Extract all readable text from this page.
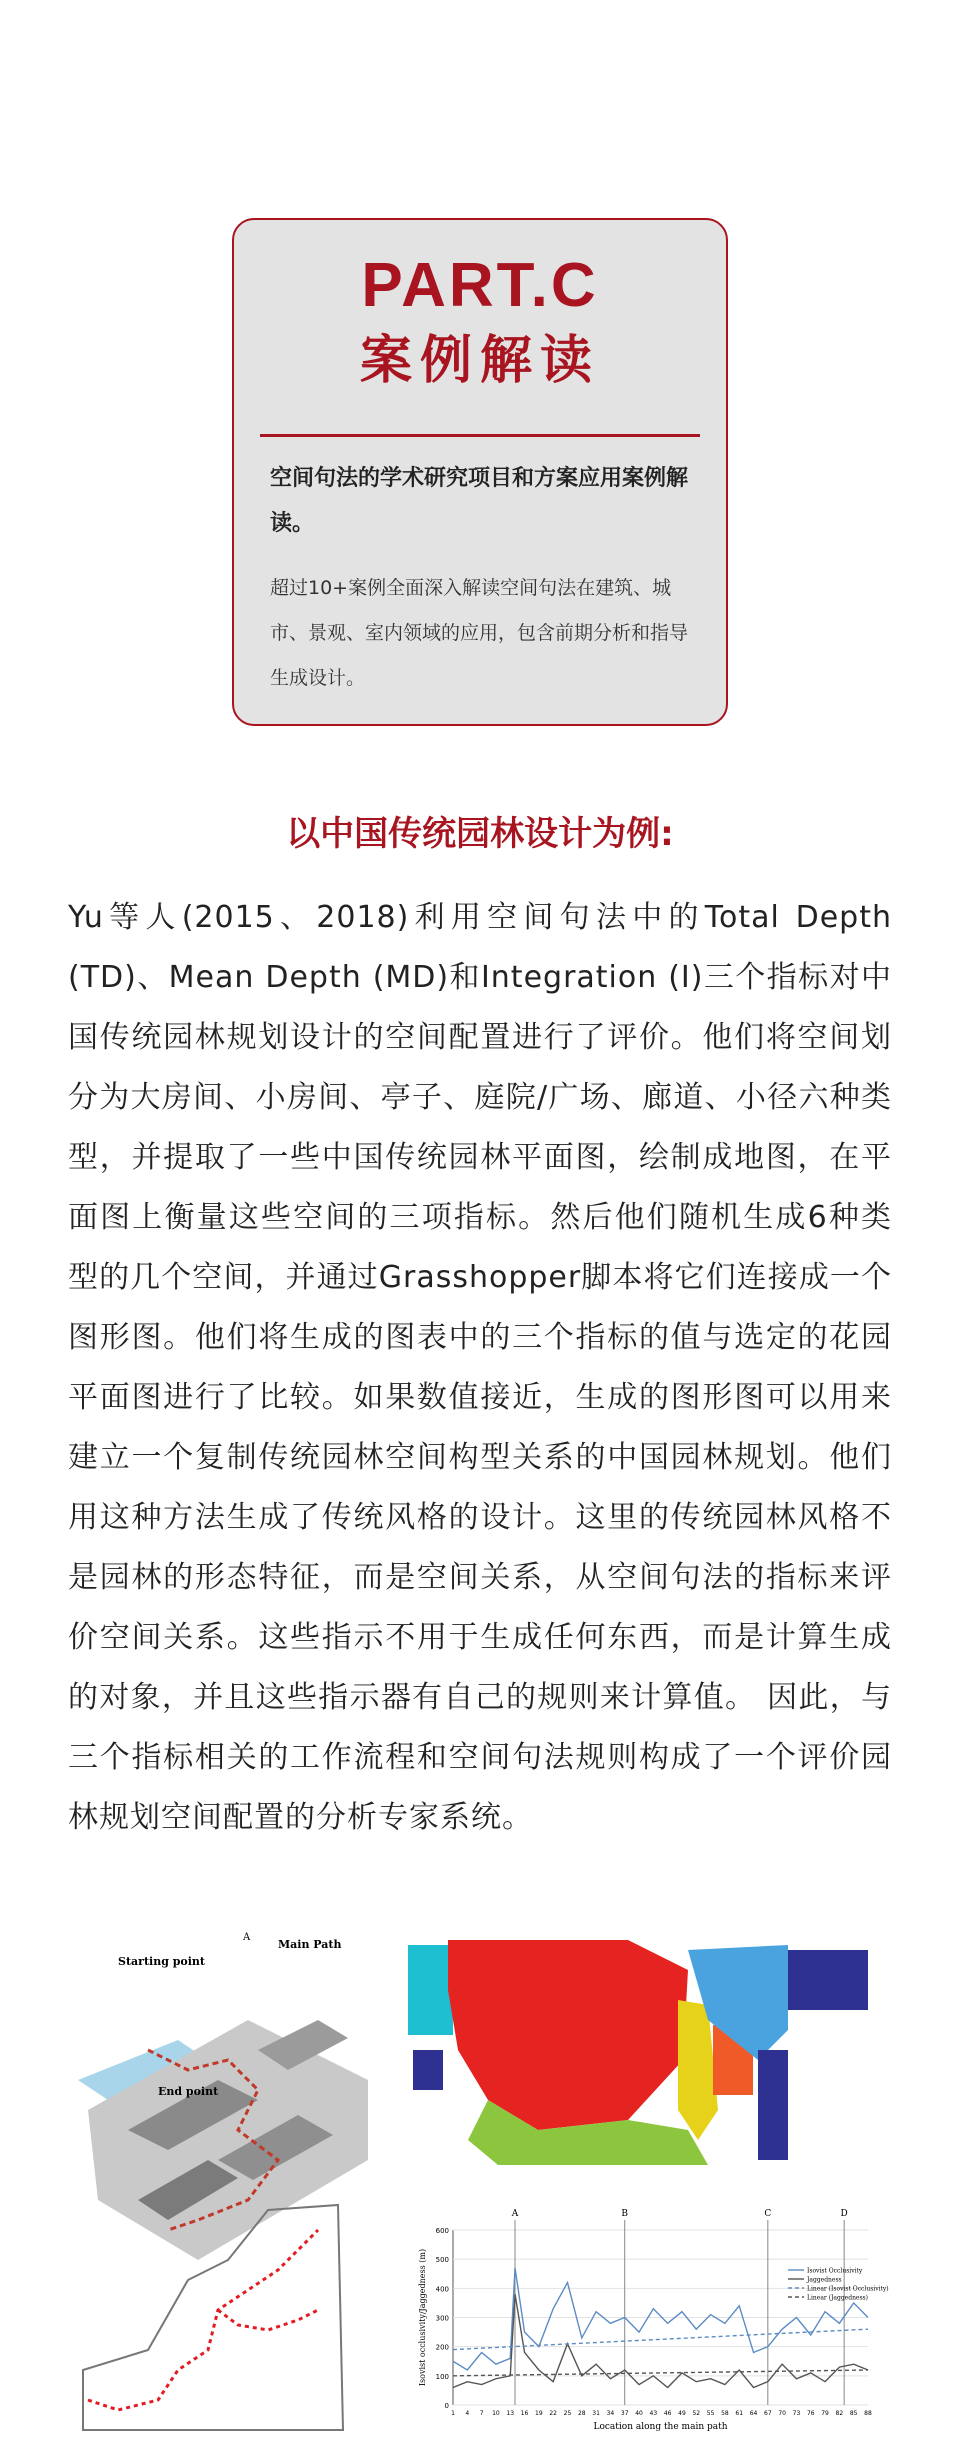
PART.C
案例解读
空间句法的学术研究项目和方案应用案例解读。
超过10+案例全面深入解读空间句法在建筑、城市、景观、室内领域的应用，包含前期分析和指导生成设计。
以中国传统园林设计为例:
Yu等人(2015、2018)利用空间句法中的Total Depth (TD)、Mean Depth (MD)和Integration (I)三个指标对中国传统园林规划设计的空间配置进行了评价。他们将空间划分为大房间、小房间、亭子、庭院/广场、廊道、小径六种类型，并提取了一些中国传统园林平面图，绘制成地图，在平面图上衡量这些空间的三项指标。然后他们随机生成6种类型的几个空间，并通过Grasshopper脚本将它们连接成一个图形图。他们将生成的图表中的三个指标的值与选定的花园平面图进行了比较。如果数值接近，生成的图形图可以用来建立一个复制传统园林空间构型关系的中国园林规划。他们用这种方法生成了传统风格的设计。这里的传统园林风格不是园林的形态特征，而是空间关系，从空间句法的指标来评价空间关系。这些指示不用于生成任何东西，而是计算生成的对象，并且这些指示器有自己的规则来计算值。 因此，与三个指标相关的工作流程和空间句法规则构成了一个评价园林规划空间配置的分析专家系统。
Starting point
Main Path
A
End point
0
100
200
300
400
500
600
1 4 7 10 13 16 19 22 25 28 31 34 37 40 43 46 49 52 55 58 61 64 67 70 73 76 79 82 85 88
A	B	C	D
Isovist Occlusivity
Jaggedness
Linear (Isovist Occlusivity)
Linear (Jaggedness)
Location along the main path
Isovist occlusivity/Jaggedness (m)
